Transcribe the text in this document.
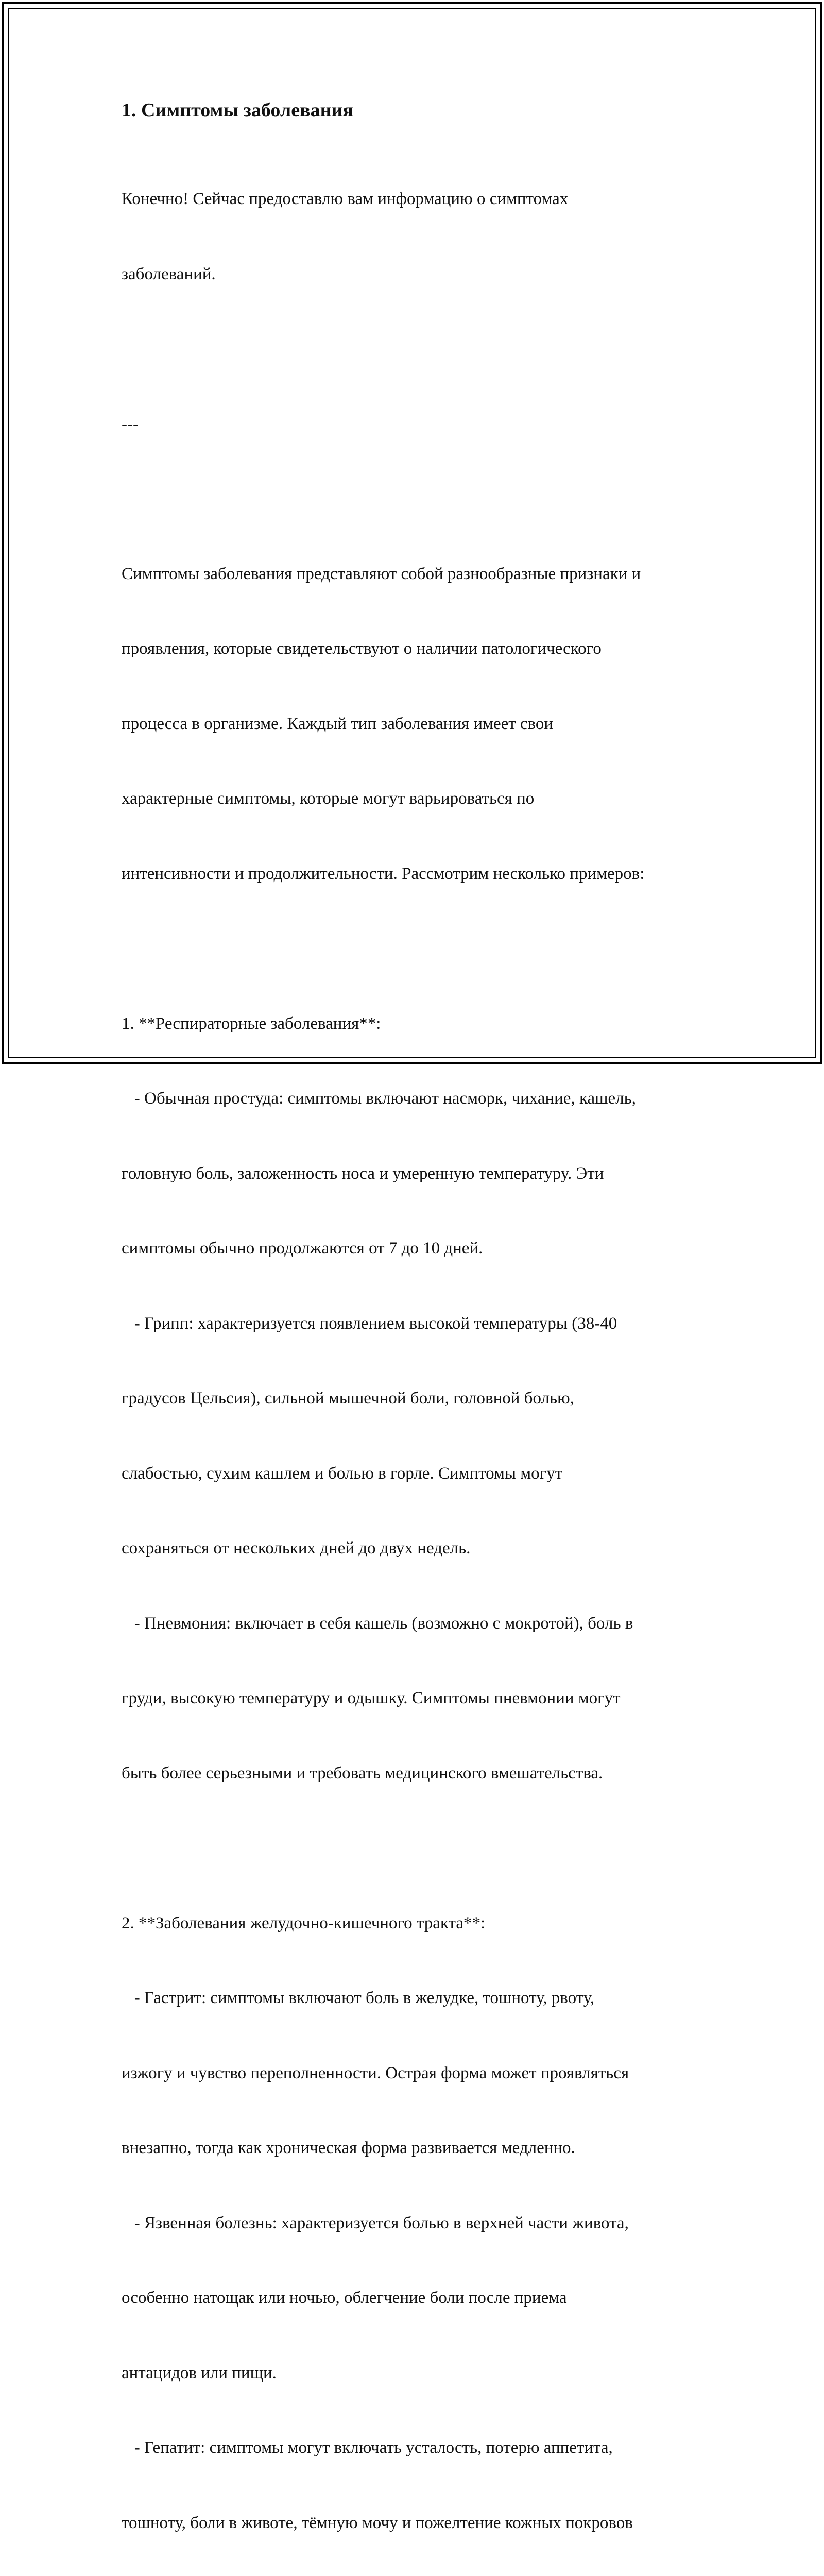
1. Симптомы заболевания

Конечно! Сейчас предоставлю вам информацию о симптомах

заболеваний.

---

Симптомы заболевания представляют собой разнообразные признаки и

проявления, которые свидетельствуют о наличии патологического

процесса в организме. Каждый тип заболевания имеет свои

характерные симптомы, которые могут варьироваться по

интенсивности и продолжительности. Рассмотрим несколько примеров:

1. **Респираторные заболевания**:

- Обычная простуда: симптомы включают насморк, чихание, кашель,

головную боль, заложенность носа и умеренную температуру. Эти

симптомы обычно продолжаются от 7 до 10 дней.

- Грипп: характеризуется появлением высокой температуры (38-40

градусов Цельсия), сильной мышечной боли, головной болью,

слабостью, сухим кашлем и болью в горле. Симптомы могут

сохраняться от нескольких дней до двух недель.

- Пневмония: включает в себя кашель (возможно с мокротой), боль в

груди, высокую температуру и одышку. Симптомы пневмонии могут

быть более серьезными и требовать медицинского вмешательства.

2. **Заболевания желудочно-кишечного тракта**:

- Гастрит: симптомы включают боль в желудке, тошноту, рвоту,

изжогу и чувство переполненности. Острая форма может проявляться

внезапно, тогда как хроническая форма развивается медленно.

- Язвенная болезнь: характеризуется болью в верхней части живота,

особенно натощак или ночью, облегчение боли после приема

антацидов или пищи.

- Гепатит: симптомы могут включать усталость, потерю аппетита,

тошноту, боли в животе, тёмную мочу и пожелтение кожных покровов
